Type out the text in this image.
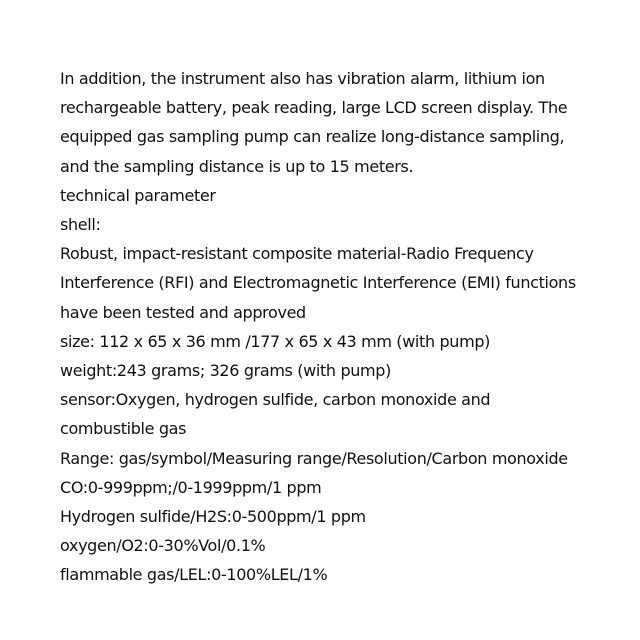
In addition, the instrument also has vibration alarm, lithium ion
rechargeable battery, peak reading, large LCD screen display. The
equipped gas sampling pump can realize long-distance sampling,
and the sampling distance is up to 15 meters.
technical parameter
shell:
Robust, impact-resistant composite material-Radio Frequency
Interference (RFI) and Electromagnetic Interference (EMI) functions
have been tested and approved
size: 112 x 65 x 36 mm /177 x 65 x 43 mm (with pump)
weight:243 grams; 326 grams (with pump)
sensor:Oxygen, hydrogen sulfide, carbon monoxide and
combustible gas
Range: gas/symbol/Measuring range/Resolution/Carbon monoxide
CO:0-999ppm;/0-1999ppm/1 ppm
Hydrogen sulfide/H2S:0-500ppm/1 ppm
oxygen/O2:0-30%Vol/0.1%
flammable gas/LEL:0-100%LEL/1%
